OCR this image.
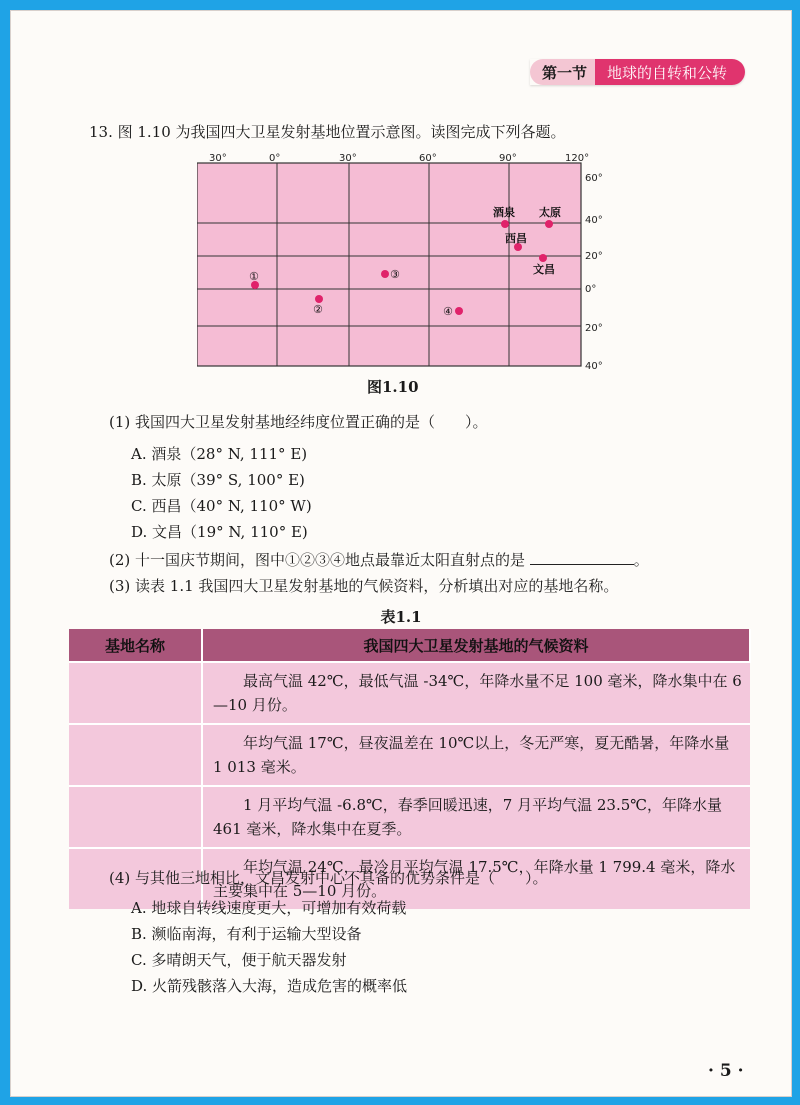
第一节	地球的自转和公转
13. 图 1.10 为我国四大卫星发射基地位置示意图。读图完成下列各题。
30°	0°	30°	60°	90°	120°
60°
40°
20°
0°
20°
40°
酒泉 太原
西昌
文昌
①
②
③
④
图1.10
(1) 我国四大卫星发射基地经纬度位置正确的是（　　）。
A. 酒泉（28° N, 111° E)
B. 太原（39° S, 100° E)
C. 西昌（40° N, 110° W)
D. 文昌（19° N, 110° E)
(2) 十一国庆节期间，图中①②③④地点最靠近太阳直射点的是	。
(3) 读表 1.1 我国四大卫星发射基地的气候资料，分析填出对应的基地名称。
表1.1
基地名称	我国四大卫星发射基地的气候资料
	最高气温 42℃，最低气温 -34℃，年降水量不足 100 毫米，降水集中在 6—10 月份。
	年均气温 17℃，昼夜温差在 10℃以上，冬无严寒，夏无酷暑，年降水量 1 013 毫米。
	1 月平均气温 -6.8℃，春季回暖迅速，7 月平均气温 23.5℃，年降水量 461 毫米，降水集中在夏季。
	年均气温 24℃，最冷月平均气温 17.5℃，年降水量 1 799.4 毫米，降水主要集中在 5—10 月份。
(4) 与其他三地相比，文昌发射中心不具备的优势条件是（　　）。
A. 地球自转线速度更大，可增加有效荷载
B. 濒临南海，有利于运输大型设备
C. 多晴朗天气，便于航天器发射
D. 火箭残骸落入大海，造成危害的概率低
· 5 ·
